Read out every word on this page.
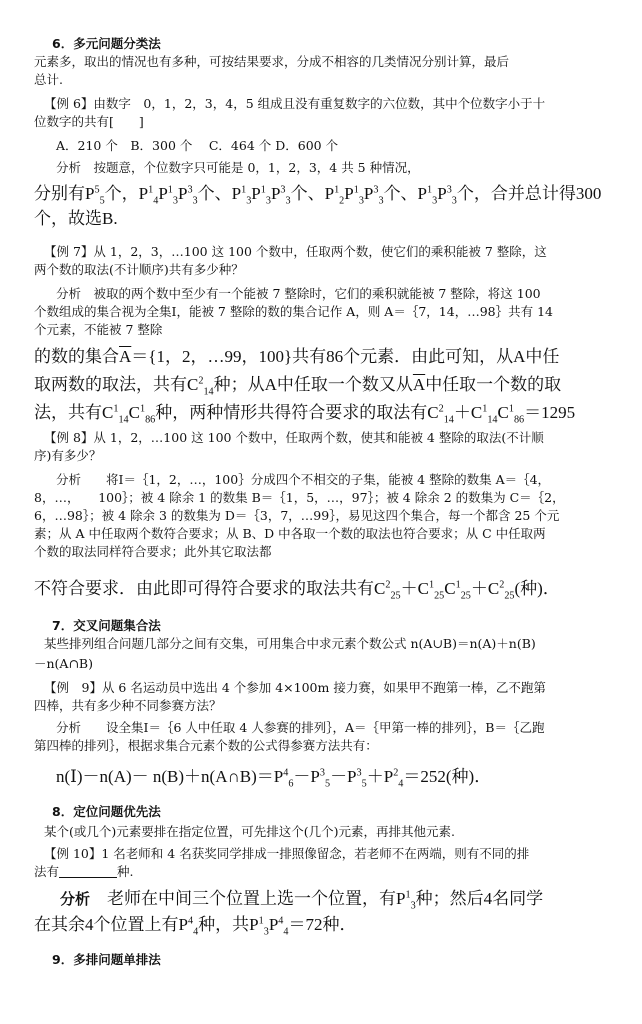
6．多元问题分类法
元素多，取出的情况也有多种，可按结果要求，分成不相容的几类情况分别计算，最后
总计.
【例 6】由数字　0，1，2，3，4，5 组成且没有重复数字的六位数，其中个位数字小于十
位数字的共有[　　]
A．210 个　B．300 个　 C．464 个 D．600 个
分析　按题意，个位数字只可能是 0，1，2，3，4 共 5 种情况，
分别有$P^5_5$个，$P^1_4P^1_3P^3_3$个、$P^1_3P^1_3P^3_3$个、$P^1_2P^1_3P^3_3$个、$P^1_3P^3_3$个，合并总计得300
个，故选B.
【例 7】从 1，2，3，…100 这 100 个数中，任取两个数，使它们的乘积能被 7 整除，这
两个数的取法(不计顺序)共有多少种？
分析　被取的两个数中至少有一个能被 7 整除时，它们的乘积就能被 7 整除，将这 100
个数组成的集合视为全集Ⅰ，能被 7 整除的数的集合记作 A，则 A＝｛7，14，…98｝共有 14
个元素，不能被 7 整除
的数的集合$\overline{A}=\{1$，2，…99，100}共有86个元素．由此可知，从A中任
取两数的取法，共有$C^2_{14}$种；从A中任取一个数又从$\overline{A}$中任取一个数的取
法，共有$C^1_{14}C^1_{86}$种，两种情形共得符合要求的取法有$C^2_{14}+C^1_{14}C^1_{86}=1295$
【例 8】从 1，2，…100 这 100 个数中，任取两个数，使其和能被 4 整除的取法(不计顺
序)有多少？
分析　　将Ⅰ＝｛1，2，…，100｝分成四个不相交的子集，能被 4 整除的数集 A＝｛4，
8，…，　　100｝；被 4 除余 1 的数集 B＝｛1，5，…，97｝；被 4 除余 2 的数集为 C＝｛2，
6，…98｝；被 4 除余 3 的数集为 D＝｛3，7，…99｝，易见这四个集合，每一个都含 25 个元
素；从 A 中任取两个数符合要求；从 B、D 中各取一个数的取法也符合要求；从 C 中任取两
个数的取法同样符合要求；此外其它取法都
不符合要求．由此即可得符合要求的取法共有$C^2_{25}+C^1_{25}C^1_{25}+C^2_{25}$(种)．
7．交叉问题集合法
某些排列组合问题几部分之间有交集，可用集合中求元素个数公式 n(A∪B)＝n(A)＋n(B)
－n(A∩B)
【例　9】从 6 名运动员中选出 4 个参加 4×100m 接力赛，如果甲不跑第一棒，乙不跑第
四棒，共有多少种不同参赛方法？
分析　　设全集Ⅰ＝｛6 人中任取 4 人参赛的排列｝，A＝｛甲第一棒的排列｝，B＝｛乙跑
第四棒的排列｝，根据求集合元素个数的公式得参赛方法共有：
n(Ⅰ)－n(A)－ $n(B)+n(A\cap B)=P^4_6-P^3_5-P^3_5+P^2_4=252$(种)．
8．定位问题优先法
某个(或几个)元素要排在指定位置，可先排这个(几个)元素，再排其他元素.
【例 10】1 名老师和 4 名获奖同学排成一排照像留念，若老师不在两端，则有不同的排
法有	种.
分析　老师在中间三个位置上选一个位置，有$P^1_3$种；然后4名同学
在其余4个位置上有$P^4_4$种，共$P^1_3P^4_4=72$种．
9．多排问题单排法
